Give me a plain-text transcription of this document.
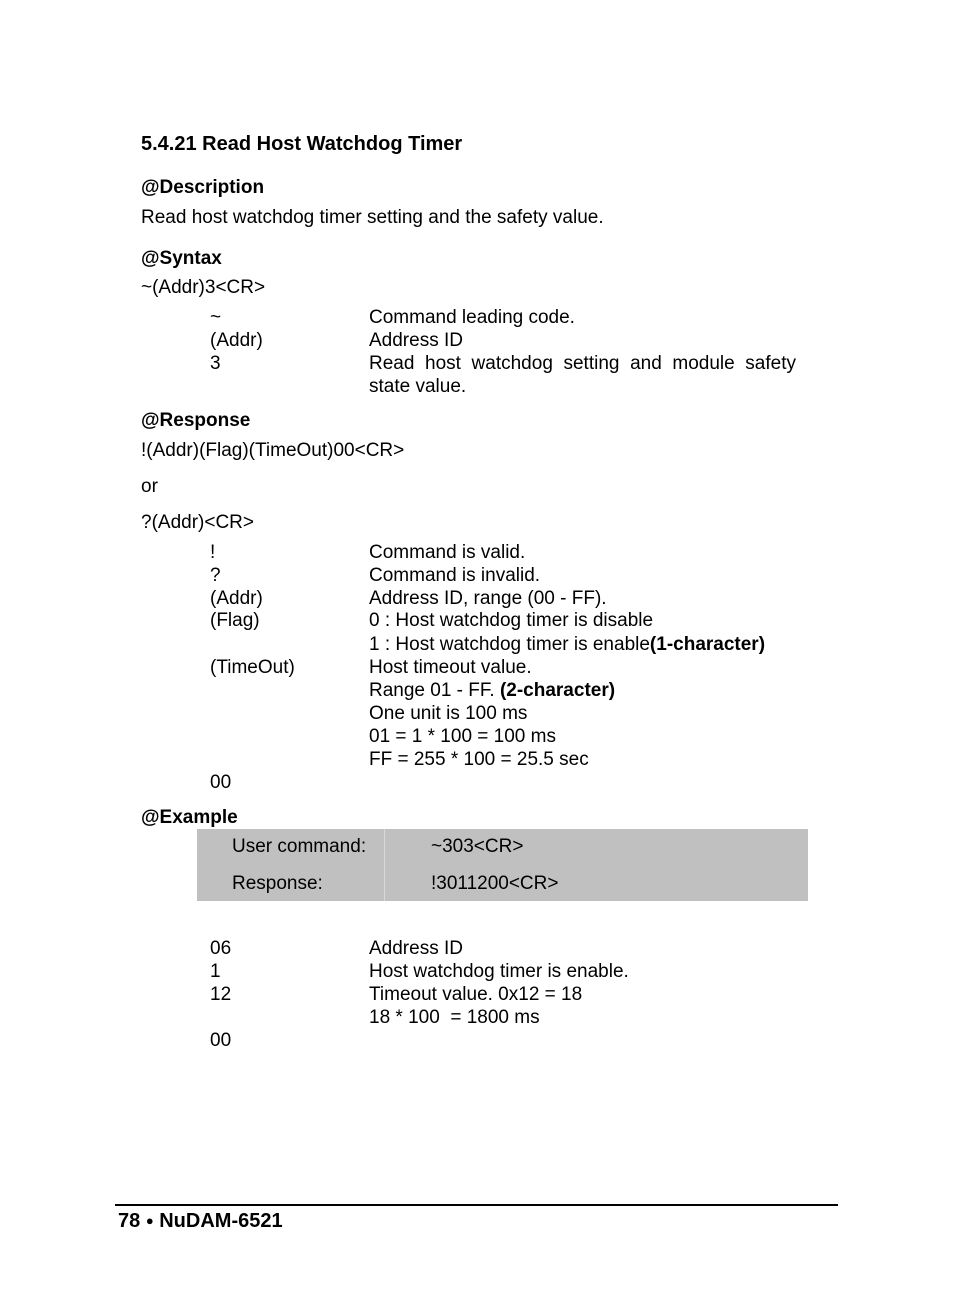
5.4.21 Read Host Watchdog Timer
@Description
Read host watchdog timer setting and the safety value.
@Syntax
~(Addr)3<CR>
~	Command leading code.
(Addr)	Address ID
3	Read host watchdog setting and module safety state value.
@Response
!(Addr)(Flag)(TimeOut)00<CR>
or
?(Addr)<CR>
!	Command is valid.
?	Command is invalid.
(Addr)	Address ID, range (00 - FF).
(Flag)	0 : Host watchdog timer is disable
1 : Host watchdog timer is enable(1-character)
(TimeOut)	Host timeout value.
Range 01 - FF. (2-character)
One unit is 100 ms
01 = 1 * 100 = 100 ms
FF = 255 * 100 = 25.5 sec
00
@Example
User command:	~303<CR>
Response:	!3011200<CR>
06	Address ID
1	Host watchdog timer is enable.
12	Timeout value. 0x12 = 18
18 * 100  = 1800 ms
00
78 ● NuDAM-6521
